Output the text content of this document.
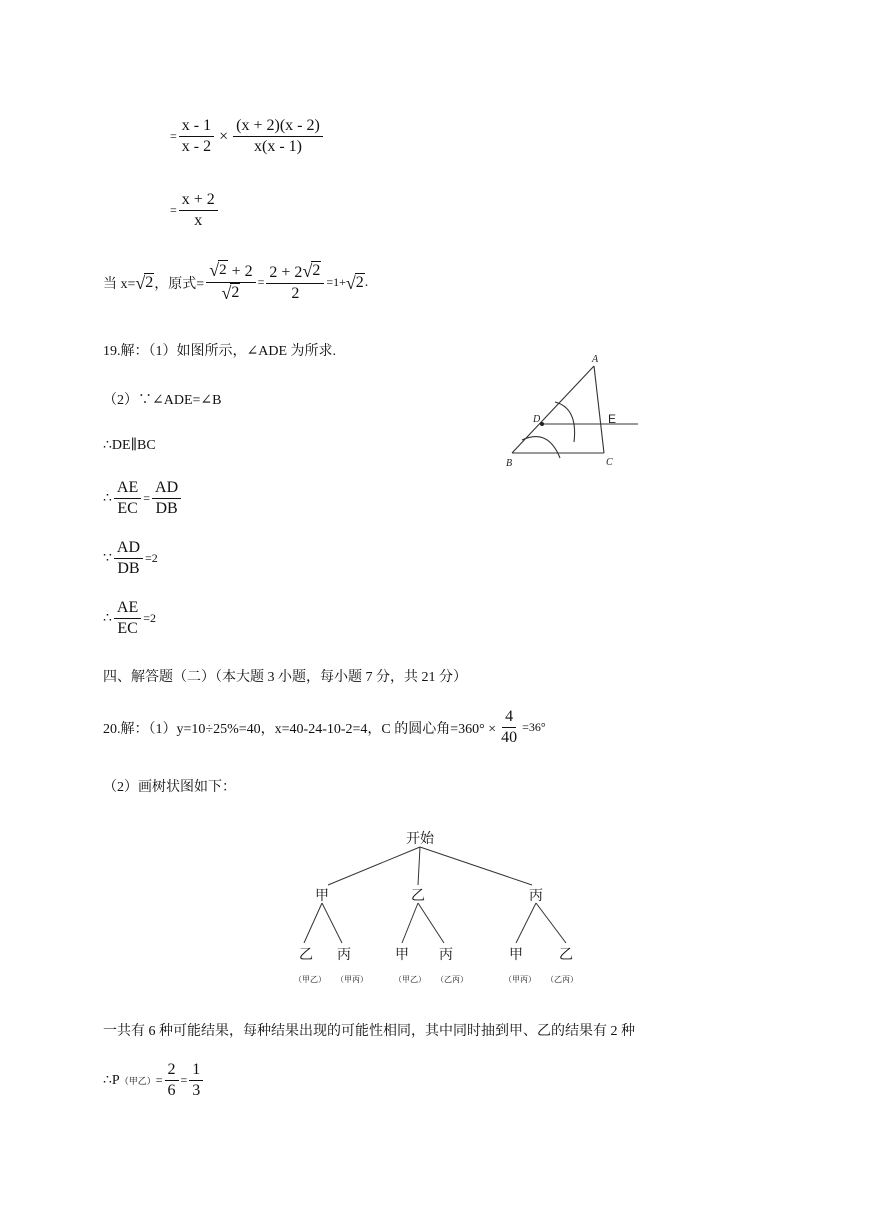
= $\frac{x - 1}{x - 2} \times \frac{(x + 2)(x - 2)}{x(x - 1)}$
= $\frac{x + 2}{x}$
当 x= √ 2 ，原式= $\frac{√ 2 + 2}{√ 2} = \frac{2 + 2 √ 2}{2} =1+$ √ 2 .
19.解：（1）如图所示，∠ADE 为所求.
（2）∵∠ADE=∠B
∴DE∥BC
∴ $\frac{AE}{EC} = \frac{AD}{DB}$
∵ $\frac{AD}{DB} =2$
∴ $\frac{AE}{EC} =2$
A
B	C
D	E
四、解答题（二）（本大题 3 小题，每小题 7 分，共 21 分）
20.解：（1）y=10÷25%=40，x=40-24-10-2=4，C 的圆心角$=360^\circ \times \frac{4}{40} =36^\circ$
（2）画树状图如下：
开始
甲	乙	丙
乙 丙	甲 丙	甲	乙
（甲乙） （甲丙）	（甲乙） （乙丙）	（甲丙） （乙丙）
一共有 6 种可能结果，每种结果出现的可能性相同，其中同时抽到甲、乙的结果有 2 种
∴P （甲乙） = $\frac{2}{6} = \frac{1}{3}$
